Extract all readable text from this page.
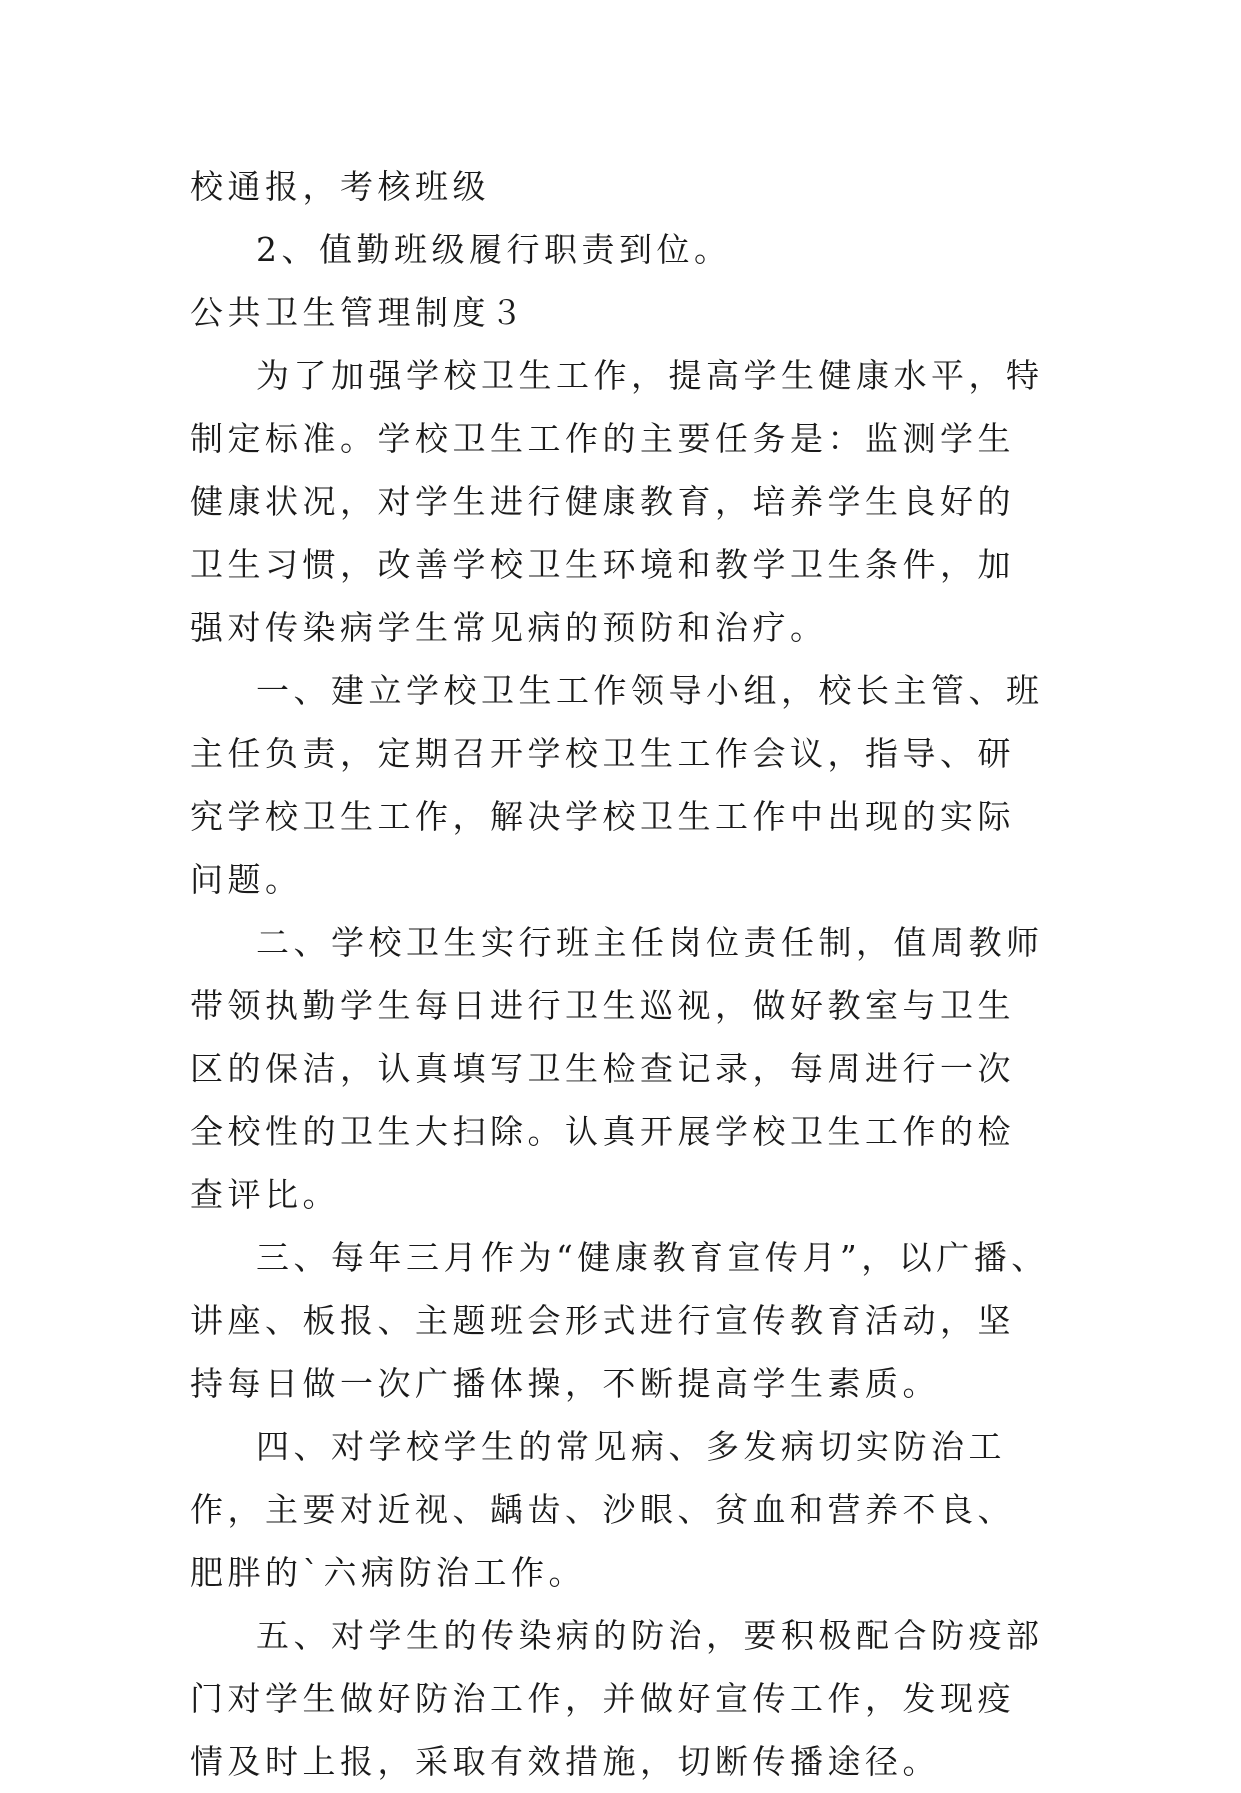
校通报，考核班级

2、值勤班级履行职责到位。

公共卫生管理制度３

为了加强学校卫生工作，提高学生健康水平，特制定标准。学校卫生工作的主要任务是：监测学生健康状况，对学生进行健康教育，培养学生良好的卫生习惯，改善学校卫生环境和教学卫生条件，加强对传染病学生常见病的预防和治疗。

一、建立学校卫生工作领导小组，校长主管、班主任负责，定期召开学校卫生工作会议，指导、研究学校卫生工作，解决学校卫生工作中出现的实际问题。

二、学校卫生实行班主任岗位责任制，值周教师带领执勤学生每日进行卫生巡视，做好教室与卫生区的保洁，认真填写卫生检查记录，每周进行一次全校性的卫生大扫除。认真开展学校卫生工作的检查评比。

三、每年三月作为“健康教育宣传月”，以广播、讲座、板报、主题班会形式进行宣传教育活动，坚持每日做一次广播体操，不断提高学生素质。

四、对学校学生的常见病、多发病切实防治工作，主要对近视、龋齿、沙眼、贫血和营养不良、肥胖的`六病防治工作。

五、对学生的传染病的防治，要积极配合防疫部门对学生做好防治工作，并做好宣传工作，发现疫情及时上报，采取有效措施，切断传播途径。
